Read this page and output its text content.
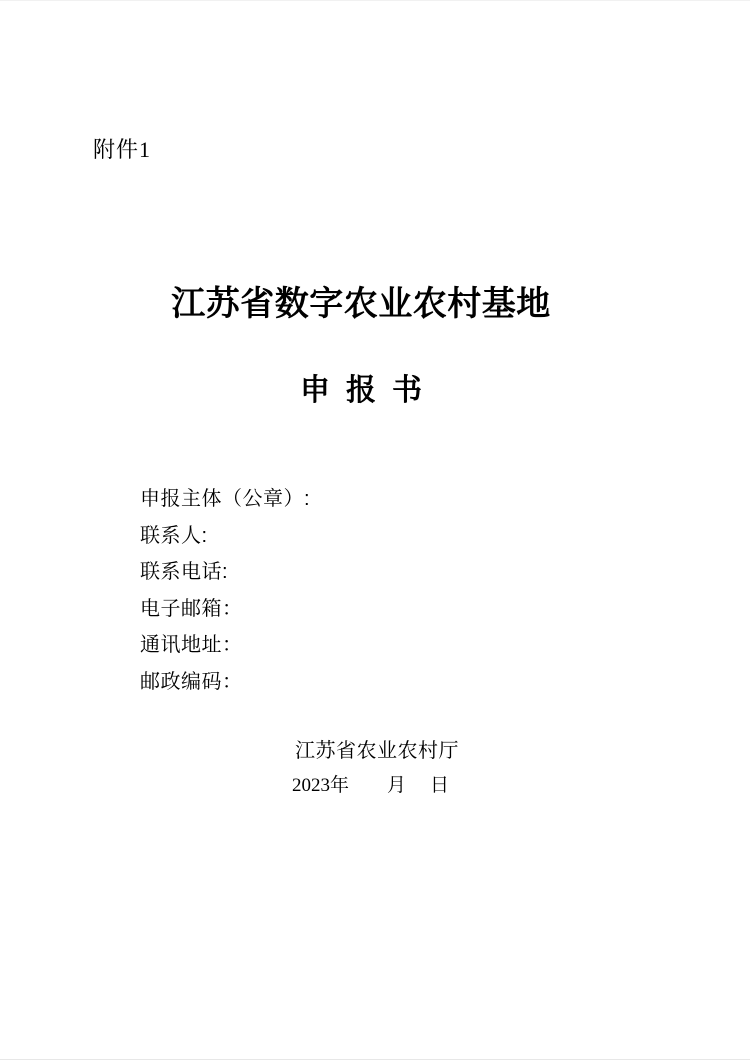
附件1
江苏省数字农业农村基地
申报书
申报主体（公章）:
联系人:
联系电话:
电子邮箱：
通讯地址：
邮政编码：
江苏省农业农村厅
2023年 月 日
